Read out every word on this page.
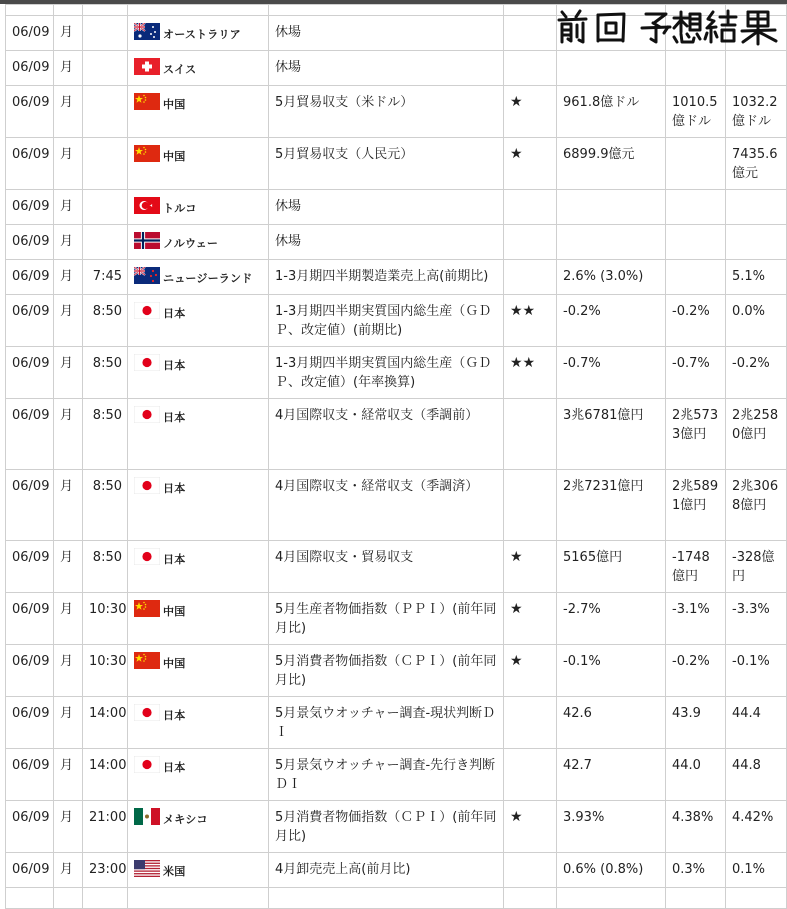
06/09	月		オーストラリア	休場				
06/09	月		スイス	休場				
06/09	月		中国	5月貿易収支（米ドル）	★	961.8億ドル	1010.5億ドル	1032.2億ドル
06/09	月		中国	5月貿易収支（人民元）	★	6899.9億元		7435.6億元
06/09	月		トルコ	休場				
06/09	月		ノルウェー	休場				
06/09	月	7:45	ニュージーランド	1-3月期四半期製造業売上高(前期比)		2.6% (3.0%)		5.1%
06/09	月	8:50	日本	1-3月期四半期実質国内総生産（ＧＤＰ、改定値）(前期比)	★★	-0.2%	-0.2%	0.0%
06/09	月	8:50	日本	1-3月期四半期実質国内総生産（ＧＤＰ、改定値）(年率換算)	★★	-0.7%	-0.7%	-0.2%
06/09	月	8:50	日本	4月国際収支・経常収支（季調前）		3兆6781億円	2兆5733億円	2兆2580億円
06/09	月	8:50	日本	4月国際収支・経常収支（季調済）		2兆7231億円	2兆5891億円	2兆3068億円
06/09	月	8:50	日本	4月国際収支・貿易収支	★	5165億円	-1748億円	-328億円
06/09	月	10:30	中国	5月生産者物価指数（ＰＰＩ）(前年同月比)	★	-2.7%	-3.1%	-3.3%
06/09	月	10:30	中国	5月消費者物価指数（ＣＰＩ）(前年同月比)	★	-0.1%	-0.2%	-0.1%
06/09	月	14:00	日本	5月景気ウオッチャー調査-現状判断ＤＩ		42.6	43.9	44.4
06/09	月	14:00	日本	5月景気ウオッチャー調査-先行き判断ＤＩ		42.7	44.0	44.8
06/09	月	21:00	メキシコ	5月消費者物価指数（ＣＰＩ）(前年同月比)	★	3.93%	4.38%	4.42%
06/09	月	23:00	米国	4月卸売売上高(前月比)		0.6% (0.8%)	0.3%	0.1%
